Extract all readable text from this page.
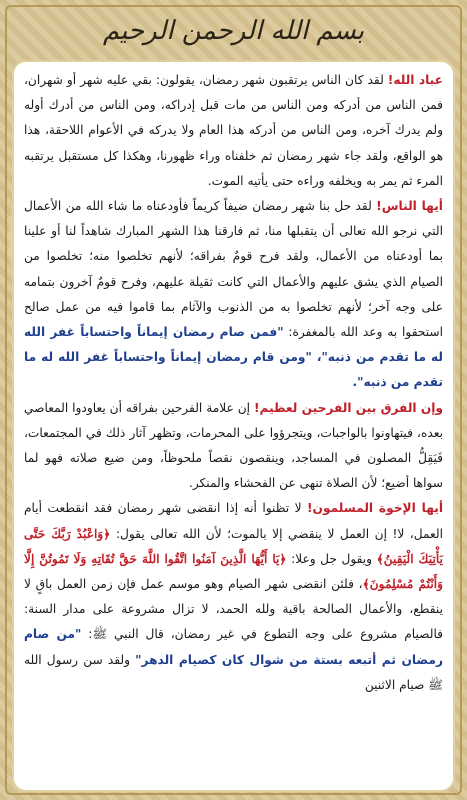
بسم الله الرحمن الرحيم

عباد الله! لقد كان الناس يرتقبون شهر رمضان، يقولون: بقي عليه شهر أو شهران، فمن الناس من أدركه ومن الناس من مات قبل إدراكه، ومن الناس من أدرك أوله ولم يدرك آخره، ومن الناس من أدركه هذا العام ولا يدركه في الأعوام اللاحقة، هذا هو الواقع، ولقد جاء شهر رمضان ثم خلفناه وراء ظهورنا، وهكذا كل مستقبل يرتقبه المرء ثم يمر به ويخلفه وراءه حتى يأتيه الموت.

أيها الناس! لقد حل بنا شهر رمضان ضيفاً كريماً فأودعناه ما شاء الله من الأعمال التي نرجو الله تعالى أن يتقبلها منا، ثم فارقنا هذا الشهر المبارك شاهداً لنا أو علينا بما أودعناه من الأعمال، ولقد فرح قومٌ بفراقه؛ لأنهم تخلصوا منه؛ تخلصوا من الصيام الذي يشق عليهم والأعمال التي كانت ثقيلة عليهم، وفرح قومٌ آخرون بتمامه على وجه آخر؛ لأنهم تخلصوا به من الذنوب والآثام بما قاموا فيه من عمل صالح استحقوا به وعد الله بالمغفرة: "فمن صام رمضان إيماناً واحتساباً غفر الله له ما تقدم من ذنبه"، "ومن قام رمضان إيماناً واحتساباً غفر الله له ما تقدم من ذنبه".

وإن الفرق بين الفرحين لعظيم! إن علامة الفرحين بفراقه أن يعاودوا المعاصي بعده، فيتهاونوا بالواجبات، ويتجرؤوا على المحرمات، وتظهر آثار ذلك في المجتمعات، فَيَقِلُّ المصلون في المساجد، وينقصون نقصاً ملحوظاً، ومن ضيع صلاته فهو لما سواها أضيع؛ لأن الصلاة تنهى عن الفحشاء والمنكر.

أيها الإخوة المسلمون! لا تظنوا أنه إذا انقضى شهر رمضان فقد انقطعت أيام العمل، لا! إن العمل لا ينقضي إلا بالموت؛ لأن الله تعالى يقول: ﴿وَاعْبُدْ رَبَّكَ حَتَّى يَأْتِيَكَ الْيَقِينُ﴾ ويقول جل وعلا: ﴿يَا أَيُّهَا الَّذِينَ آمَنُوا اتَّقُوا اللَّهَ حَقَّ تُقَاتِهِ وَلَا تَمُوتُنَّ إِلَّا وَأَنْتُمْ مُسْلِمُونَ﴾، فلئن انقضى شهر الصيام وهو موسم عمل فإن زمن العمل باقٍ لا ينقطع، والأعمال الصالحة باقية ولله الحمد، لا تزال مشروعة على مدار السنة: فالصيام مشروع على وجه التطوع في غير رمضان، قال النبي ﷺ: "من صام رمضان ثم أتبعه بستة من شوال كان كصيام الدهر" ولقد سن رسول الله ﷺ صيام الاثنين
